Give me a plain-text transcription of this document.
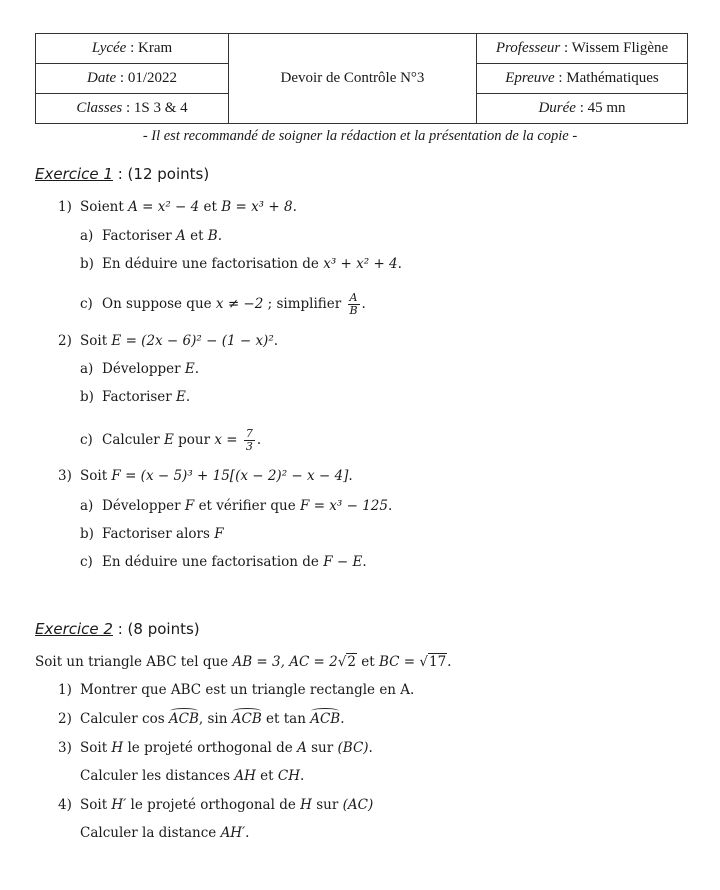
Lycée : Kram	Devoir de Contrôle N°3	Professeur : Wissem Fligène
Date : 01/2022		Epreuve : Mathématiques
Classes : 1S 3 & 4		Durée : 45 mn
- Il est recommandé de soigner la rédaction et la présentation de la copie -
Exercice 1 : (12 points)
Exercice 2 : (8 points)
1) Soient A = x² − 4 et B = x³ + 8.
a) Factoriser A et B.
b) En déduire une factorisation de x³ + x² + 4.
c) On suppose que x ≠ −2 ; simplifier $\frac{A}{B}$ .
2) Soit E = (2x − 6)² − (1 − x)².
a) Développer E.
b) Factoriser E.
c) Calculer E pour $x = \frac{7}{3}$ .
3) Soit F = (x − 5)³ + 15[(x − 2)² − x − 4].
a) Développer F et vérifier que F = x³ − 125.
b) Factoriser alors F
c) En déduire une factorisation de F − E.
Soit un triangle ABC tel que AB = 3, AC = 2√2 et BC = √17.
1) Montrer que ABC est un triangle rectangle en A.
2) Calculer cos ACB, sin ACB et tan ACB.
3) Soit H le projeté orthogonal de A sur (BC).
Calculer les distances AH et CH.
4) Soit H′ le projeté orthogonal de H sur (AC)
Calculer la distance AH′.
